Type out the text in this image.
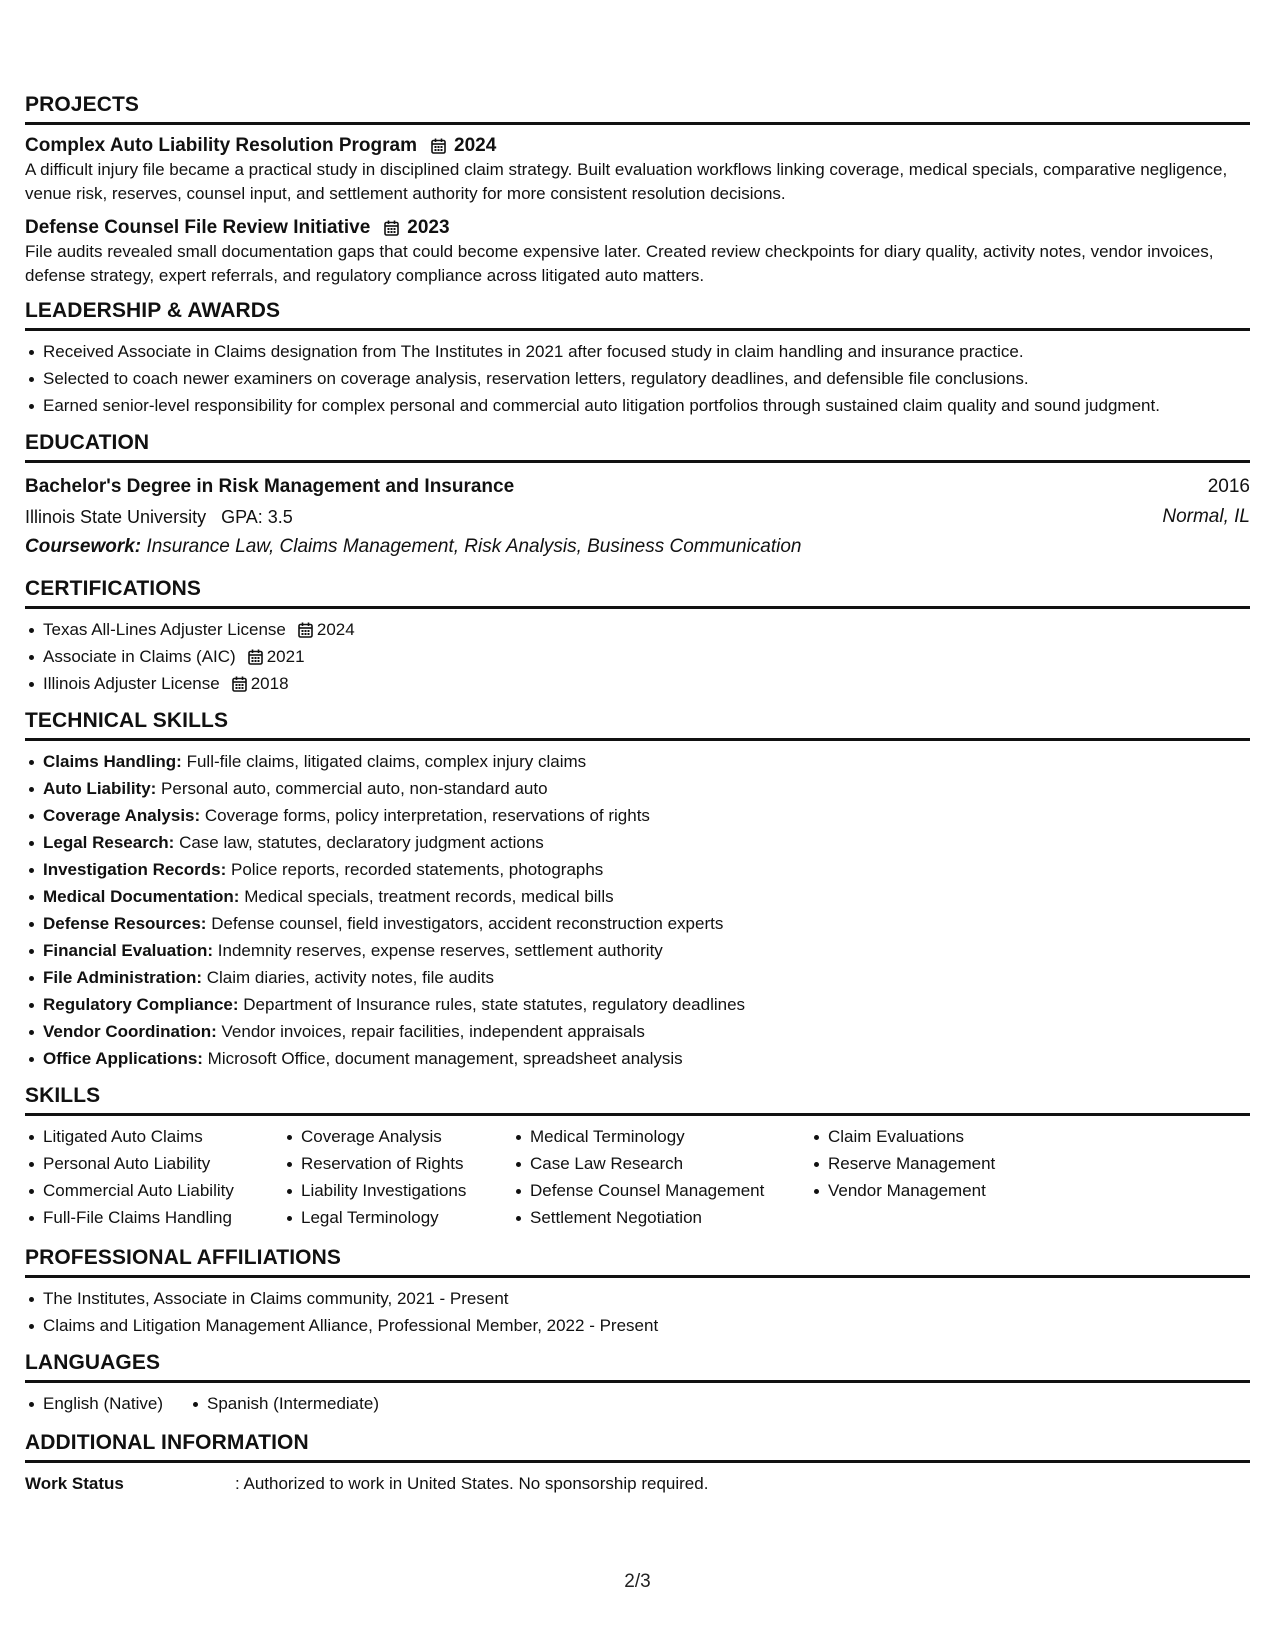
PROJECTS
Complex Auto Liability Resolution Program 2024
A difficult injury file became a practical study in disciplined claim strategy. Built evaluation workflows linking coverage, medical specials, comparative negligence, venue risk, reserves, counsel input, and settlement authority for more consistent resolution decisions.
Defense Counsel File Review Initiative 2023
File audits revealed small documentation gaps that could become expensive later. Created review checkpoints for diary quality, activity notes, vendor invoices, defense strategy, expert referrals, and regulatory compliance across litigated auto matters.
LEADERSHIP & AWARDS
Received Associate in Claims designation from The Institutes in 2021 after focused study in claim handling and insurance practice.
Selected to coach newer examiners on coverage analysis, reservation letters, regulatory deadlines, and defensible file conclusions.
Earned senior-level responsibility for complex personal and commercial auto litigation portfolios through sustained claim quality and sound judgment.
EDUCATION
Bachelor's Degree in Risk Management and Insurance	2016
Illinois State University   GPA: 3.5	Normal, IL
Coursework: Insurance Law, Claims Management, Risk Analysis, Business Communication
CERTIFICATIONS
Texas All-Lines Adjuster License 2024
Associate in Claims (AIC) 2021
Illinois Adjuster License 2018
TECHNICAL SKILLS
Claims Handling: Full-file claims, litigated claims, complex injury claims
Auto Liability: Personal auto, commercial auto, non-standard auto
Coverage Analysis: Coverage forms, policy interpretation, reservations of rights
Legal Research: Case law, statutes, declaratory judgment actions
Investigation Records: Police reports, recorded statements, photographs
Medical Documentation: Medical specials, treatment records, medical bills
Defense Resources: Defense counsel, field investigators, accident reconstruction experts
Financial Evaluation: Indemnity reserves, expense reserves, settlement authority
File Administration: Claim diaries, activity notes, file audits
Regulatory Compliance: Department of Insurance rules, state statutes, regulatory deadlines
Vendor Coordination: Vendor invoices, repair facilities, independent appraisals
Office Applications: Microsoft Office, document management, spreadsheet analysis
SKILLS
Litigated Auto Claims
Personal Auto Liability
Commercial Auto Liability
Full-File Claims Handling
Coverage Analysis
Reservation of Rights
Liability Investigations
Legal Terminology
Medical Terminology
Case Law Research
Defense Counsel Management
Settlement Negotiation
Claim Evaluations
Reserve Management
Vendor Management
PROFESSIONAL AFFILIATIONS
The Institutes, Associate in Claims community, 2021 - Present
Claims and Litigation Management Alliance, Professional Member, 2022 - Present
LANGUAGES
English (Native)	Spanish (Intermediate)
ADDITIONAL INFORMATION
Work Status	: Authorized to work in United States. No sponsorship required.
2/3
